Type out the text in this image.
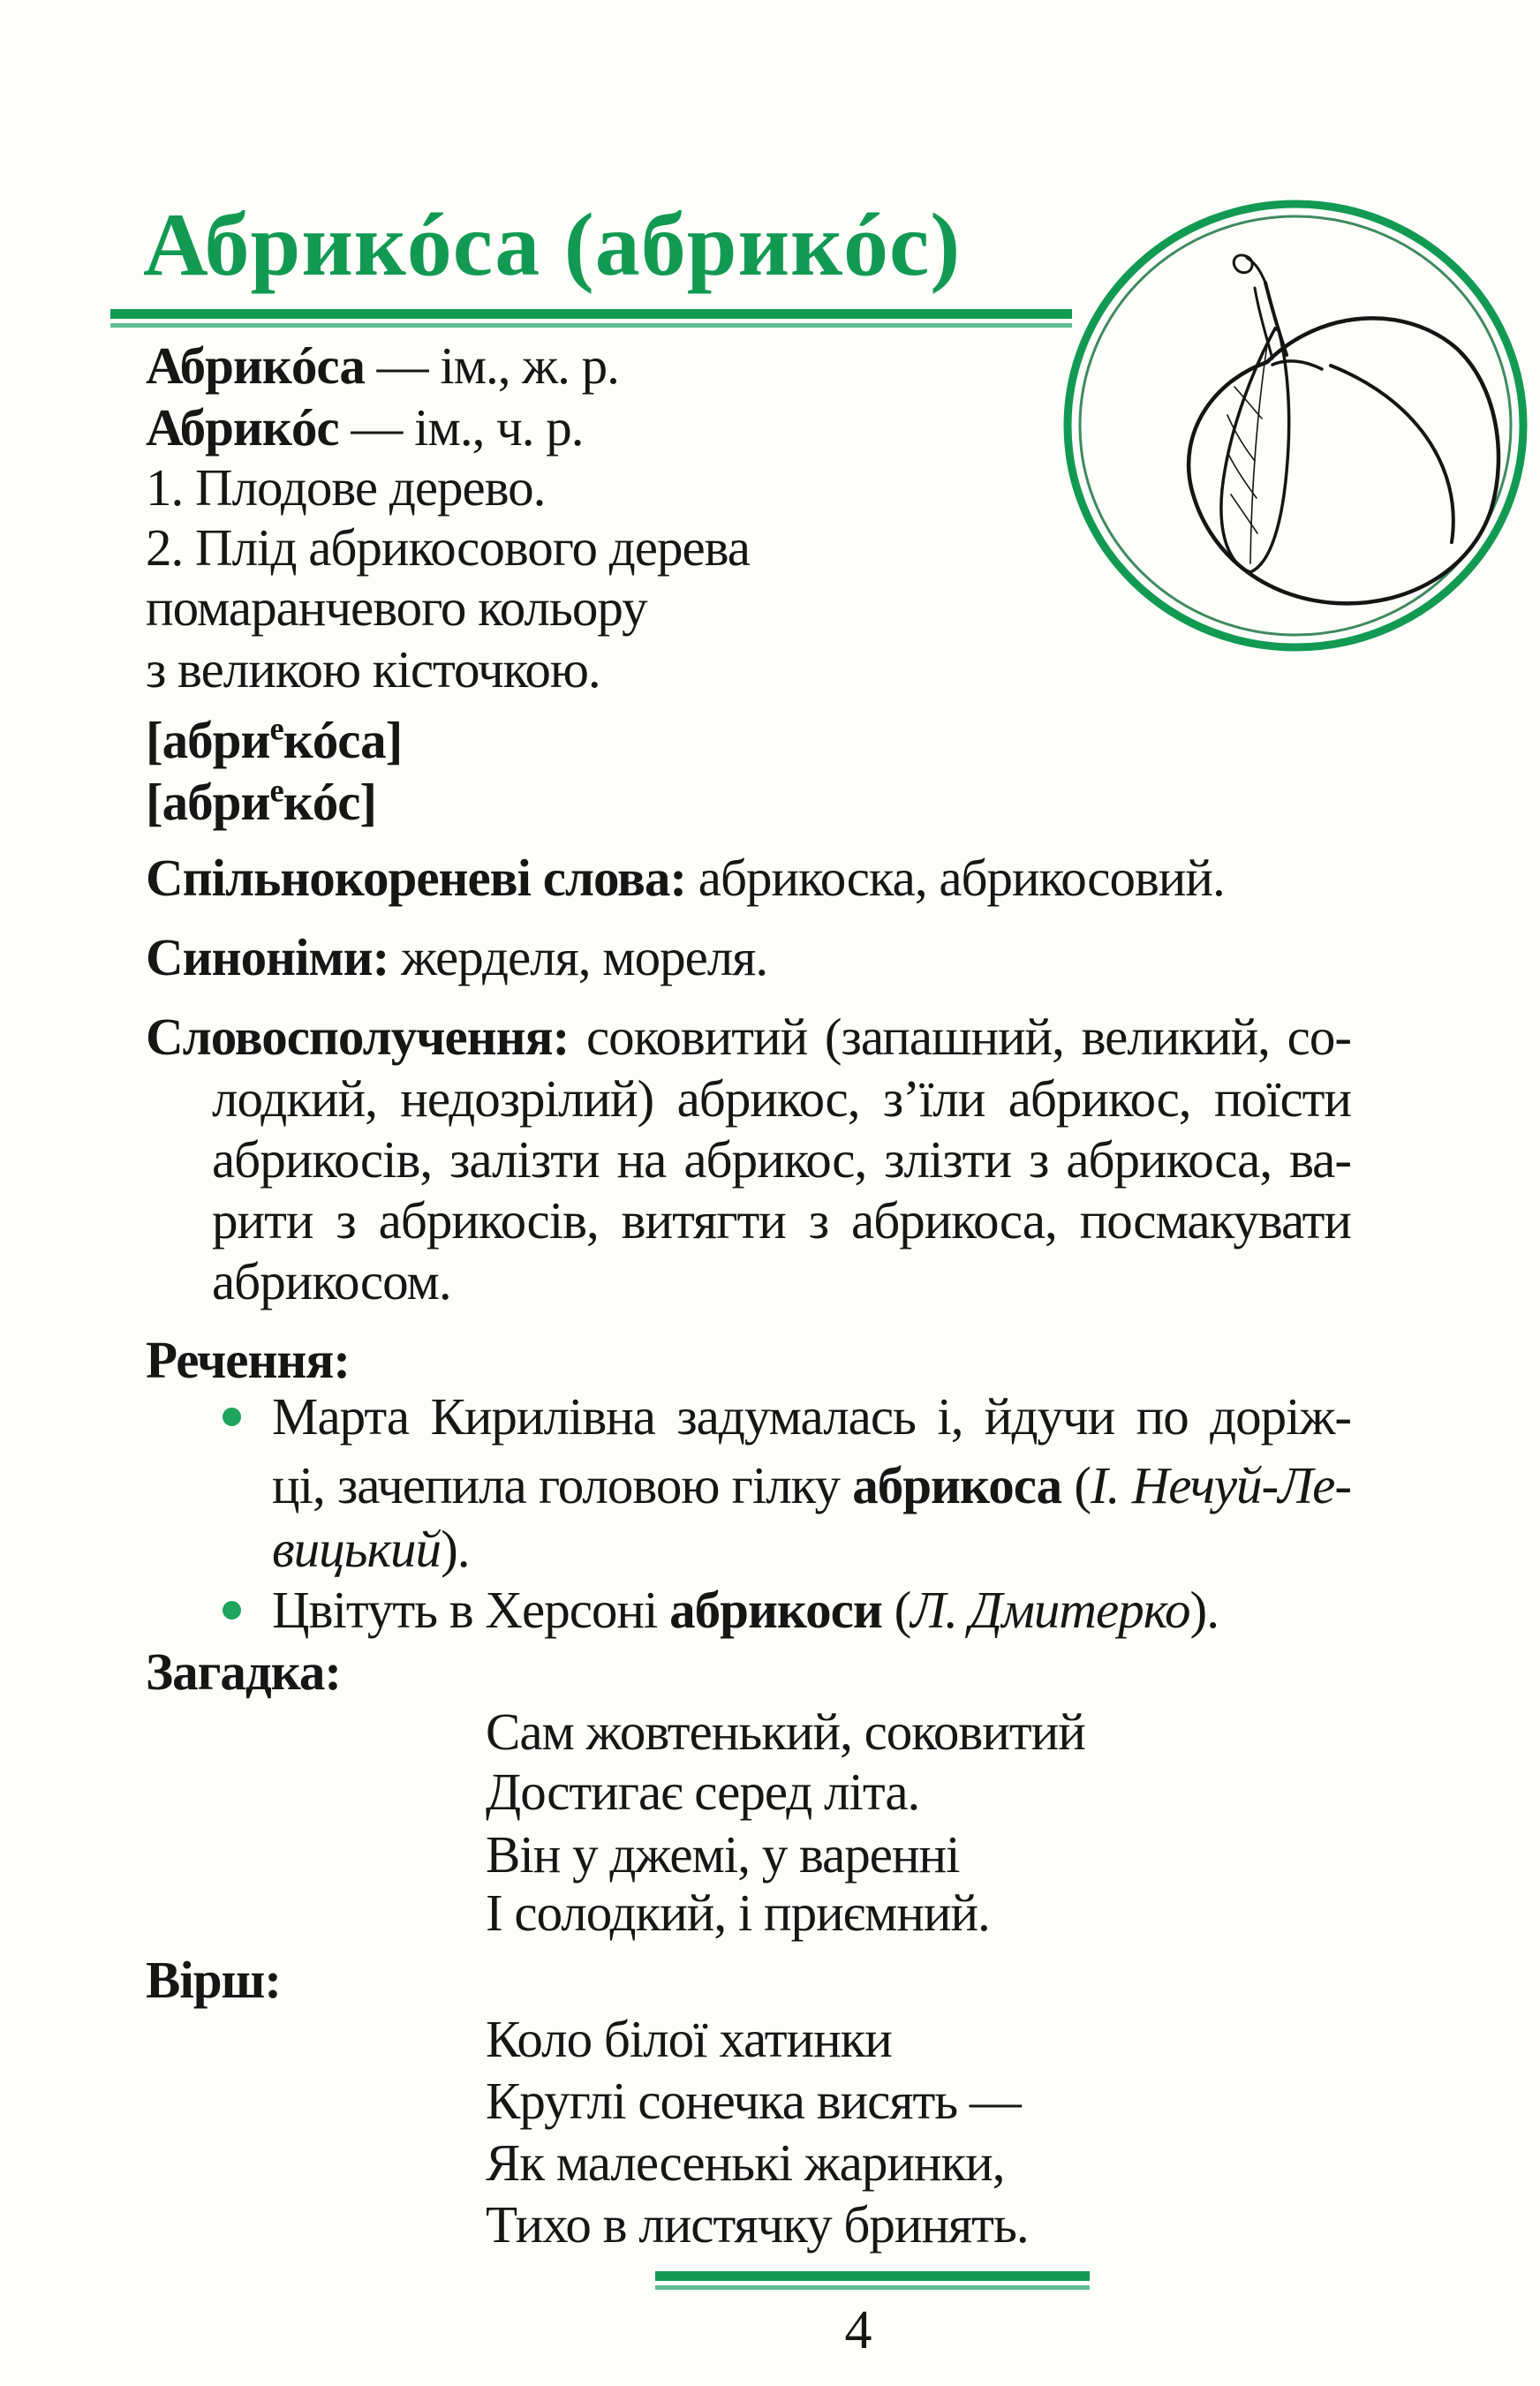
Абрикóса (абрикóс)
Абрикóса — ім., ж. р.
Абрикóс — ім., ч. р.
1. Плодове дерево.
2. Плід абрикосового дерева
помаранчевого кольору
з великою кісточкою.
[абри$^е$кóса]
[абри$^е$кóс]
Спільнокореневі слова: абрикоска, абрикосовий.
Синоніми: жерделя, мореля.
Словосполучення: соковитий (запашний, великий, со-
лодкий, недозрілий) абрикос, з’їли абрикос, поїсти
абрикосів, залізти на абрикос, злізти з абрикоса, ва-
рити з абрикосів, витягти з абрикоса, посмакувати
абрикосом.
Речення:
Марта Кирилівна задумалась і, йдучи по доріж-
ці, зачепила головою гілку абрикоса (І. Нечуй-Ле-
вицький).
Цвітуть в Херсоні абрикоси (Л. Дмитерко).
Загадка:
Сам жовтенький, соковитий
Достигає серед літа.
Він у джемі, у варенні
І солодкий, і приємний.
Вірш:
Коло білої хатинки
Круглі сонечка висять —
Як малесенькі жаринки,
Тихо в листячку бринять.
4
